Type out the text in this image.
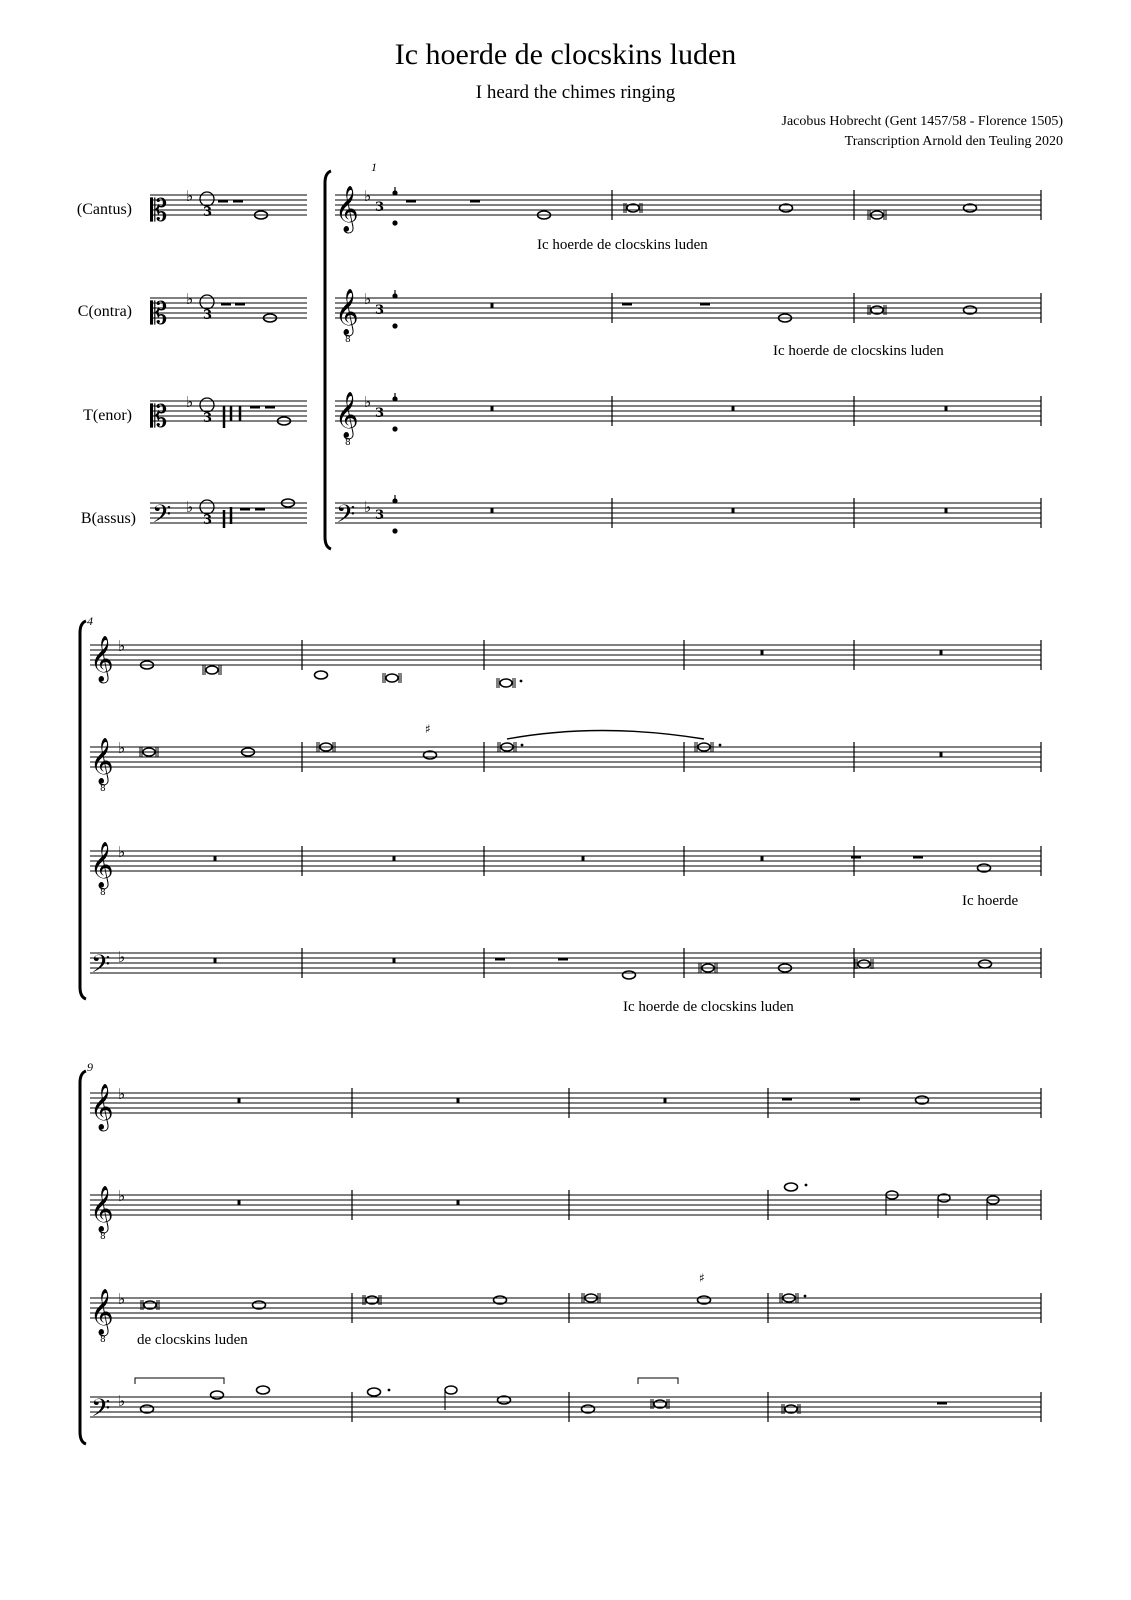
Ic hoerde de clocskins luden
I heard the chimes ringing
Jacobus Hobrecht (Gent 1457/58 - Florence 1505)
Transcription Arnold den Teuling 2020
(Cantus)
C(ontra)
T(enor)
B(assus)
1
4
9
Ic hoerde de clocskins luden
Ic hoerde de clocskins luden
Ic hoerde
Ic hoerde de clocskins luden
de clocskins luden
𝄡 ♭
3
𝄡 ♭
3
𝄡 ♭
3
𝄢 ♭
3
𝄞 ♭
3
𝄞
8
♭
3
𝄞
8
♭
3
𝄢 ♭ 3
𝄞 ♭
𝄞
8
♭
𝄞
8
♭
𝄢 ♭
♯
𝄞 ♭
𝄞
8
♭
𝄞
8
♭
𝄢 ♭
♯
